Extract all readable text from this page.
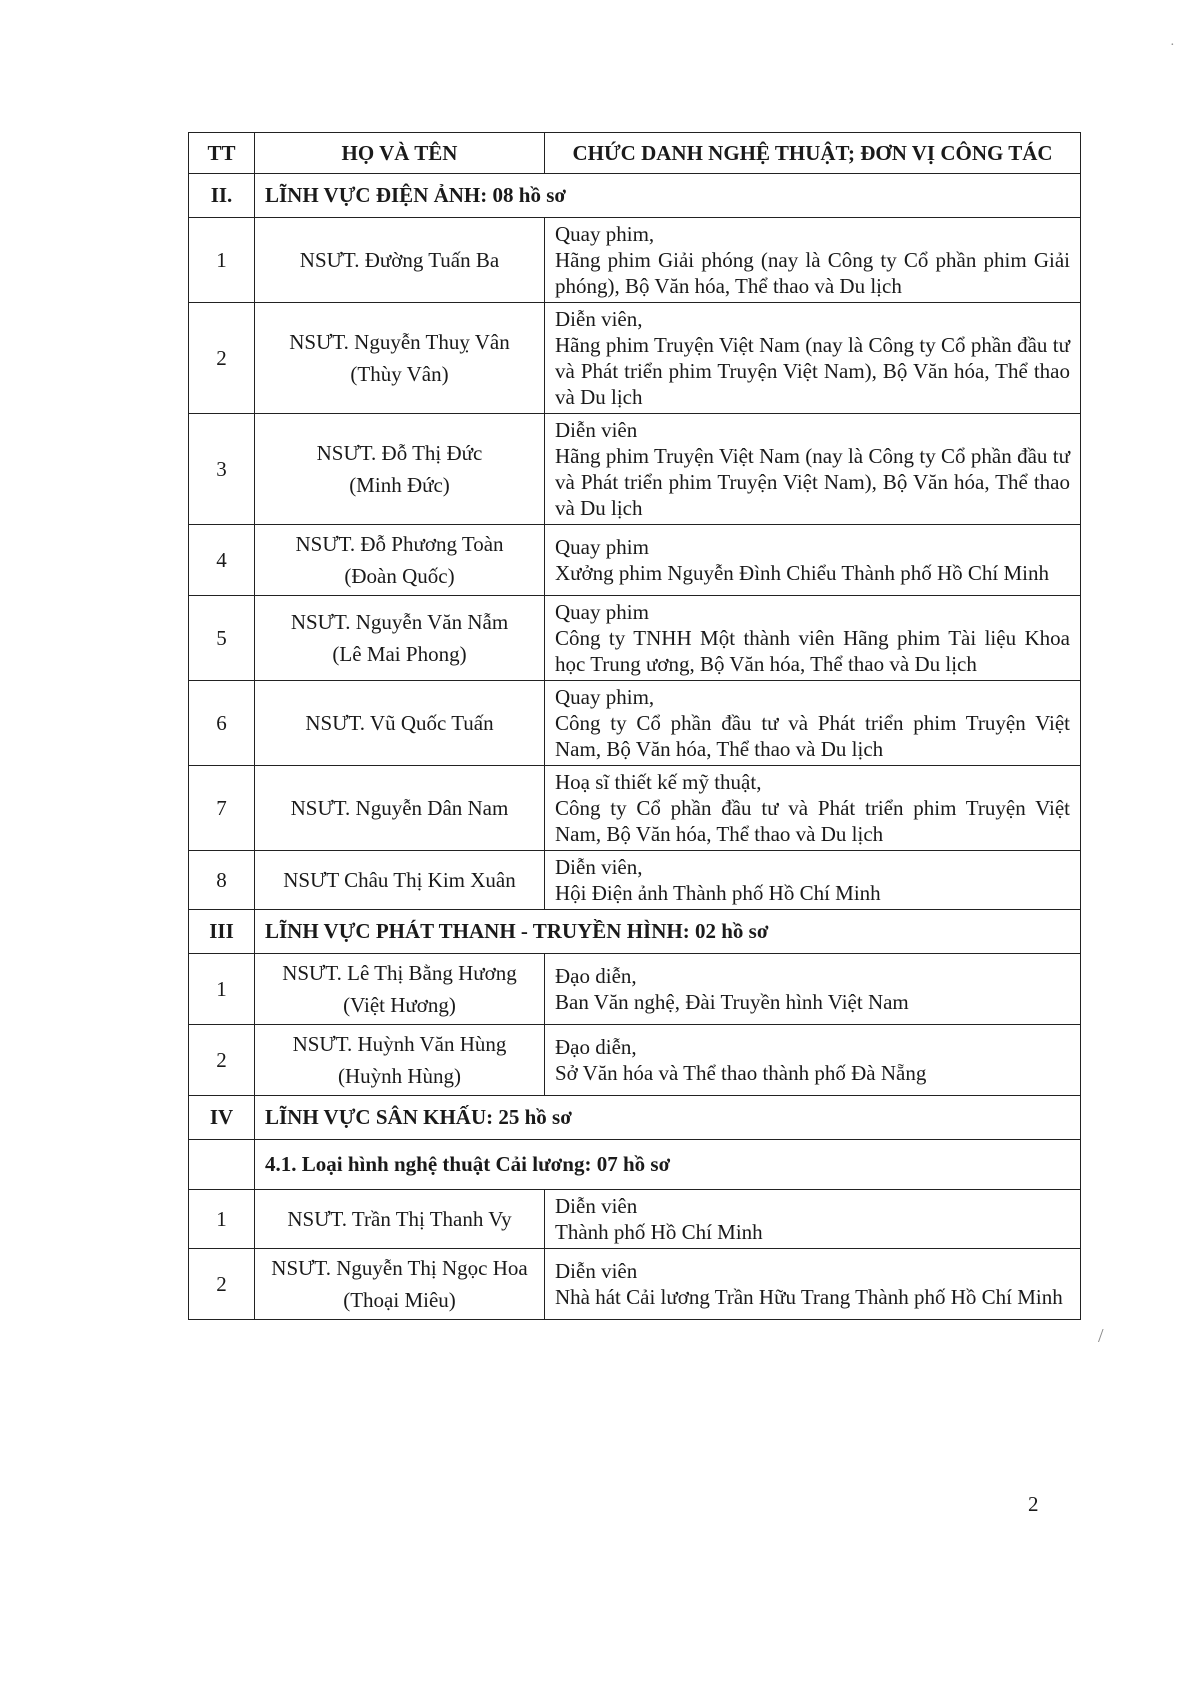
TT	HỌ VÀ TÊN	CHỨC DANH NGHỆ THUẬT; ĐƠN VỊ CÔNG TÁC
II.	LĨNH VỰC ĐIỆN ẢNH: 08 hồ sơ	
1	NSƯT. Đường Tuấn Ba	Quay phim,
Hãng phim Giải phóng (nay là Công ty Cổ phần phim Giải phóng), Bộ Văn hóa, Thể thao và Du lịch

2	NSƯT. Nguyễn Thuỵ Vân
(Thùy Vân)	Diễn viên,
Hãng phim Truyện Việt Nam (nay là Công ty Cổ phần đầu tư và Phát triển phim Truyện Việt Nam), Bộ Văn hóa, Thể thao và Du lịch

3	NSƯT. Đỗ Thị Đức
(Minh Đức)	Diễn viên
Hãng phim Truyện Việt Nam (nay là Công ty Cổ phần đầu tư và Phát triển phim Truyện Việt Nam), Bộ Văn hóa, Thể thao và Du lịch

4	NSƯT. Đỗ Phương Toàn
(Đoàn Quốc)	Quay phim
Xưởng phim Nguyễn Đình Chiểu Thành phố Hồ Chí Minh

5	NSƯT. Nguyễn Văn Nẫm
(Lê Mai Phong)	Quay phim
Công ty TNHH Một thành viên Hãng phim Tài liệu Khoa học Trung ương, Bộ Văn hóa, Thể thao và Du lịch

6	NSƯT. Vũ Quốc Tuấn	Quay phim,
Công ty Cổ phần đầu tư và Phát triển phim Truyện Việt Nam, Bộ Văn hóa, Thể thao và Du lịch

7	NSƯT. Nguyễn Dân Nam	Hoạ sĩ thiết kế mỹ thuật,
Công ty Cổ phần đầu tư và Phát triển phim Truyện Việt Nam, Bộ Văn hóa, Thể thao và Du lịch

8	NSƯT Châu Thị Kim Xuân	Diễn viên,
Hội Điện ảnh Thành phố Hồ Chí Minh

III	LĨNH VỰC PHÁT THANH - TRUYỀN HÌNH: 02 hồ sơ	
1	NSƯT. Lê Thị Bằng Hương
(Việt Hương)	Đạo diễn,
Ban Văn nghệ, Đài Truyền hình Việt Nam

2	NSƯT. Huỳnh Văn Hùng
(Huỳnh Hùng)	Đạo diễn,
Sở Văn hóa và Thể thao thành phố Đà Nẵng

IV	LĨNH VỰC SÂN KHẤU: 25 hồ sơ	
	4.1. Loại hình nghệ thuật Cải lương: 07 hồ sơ	
1	NSƯT. Trần Thị Thanh Vy	Diễn viên
Thành phố Hồ Chí Minh

2	NSƯT. Nguyễn Thị Ngọc Hoa
(Thoại Miêu)	Diễn viên
Nhà hát Cải lương Trần Hữu Trang Thành phố Hồ Chí Minh
2
·
/
